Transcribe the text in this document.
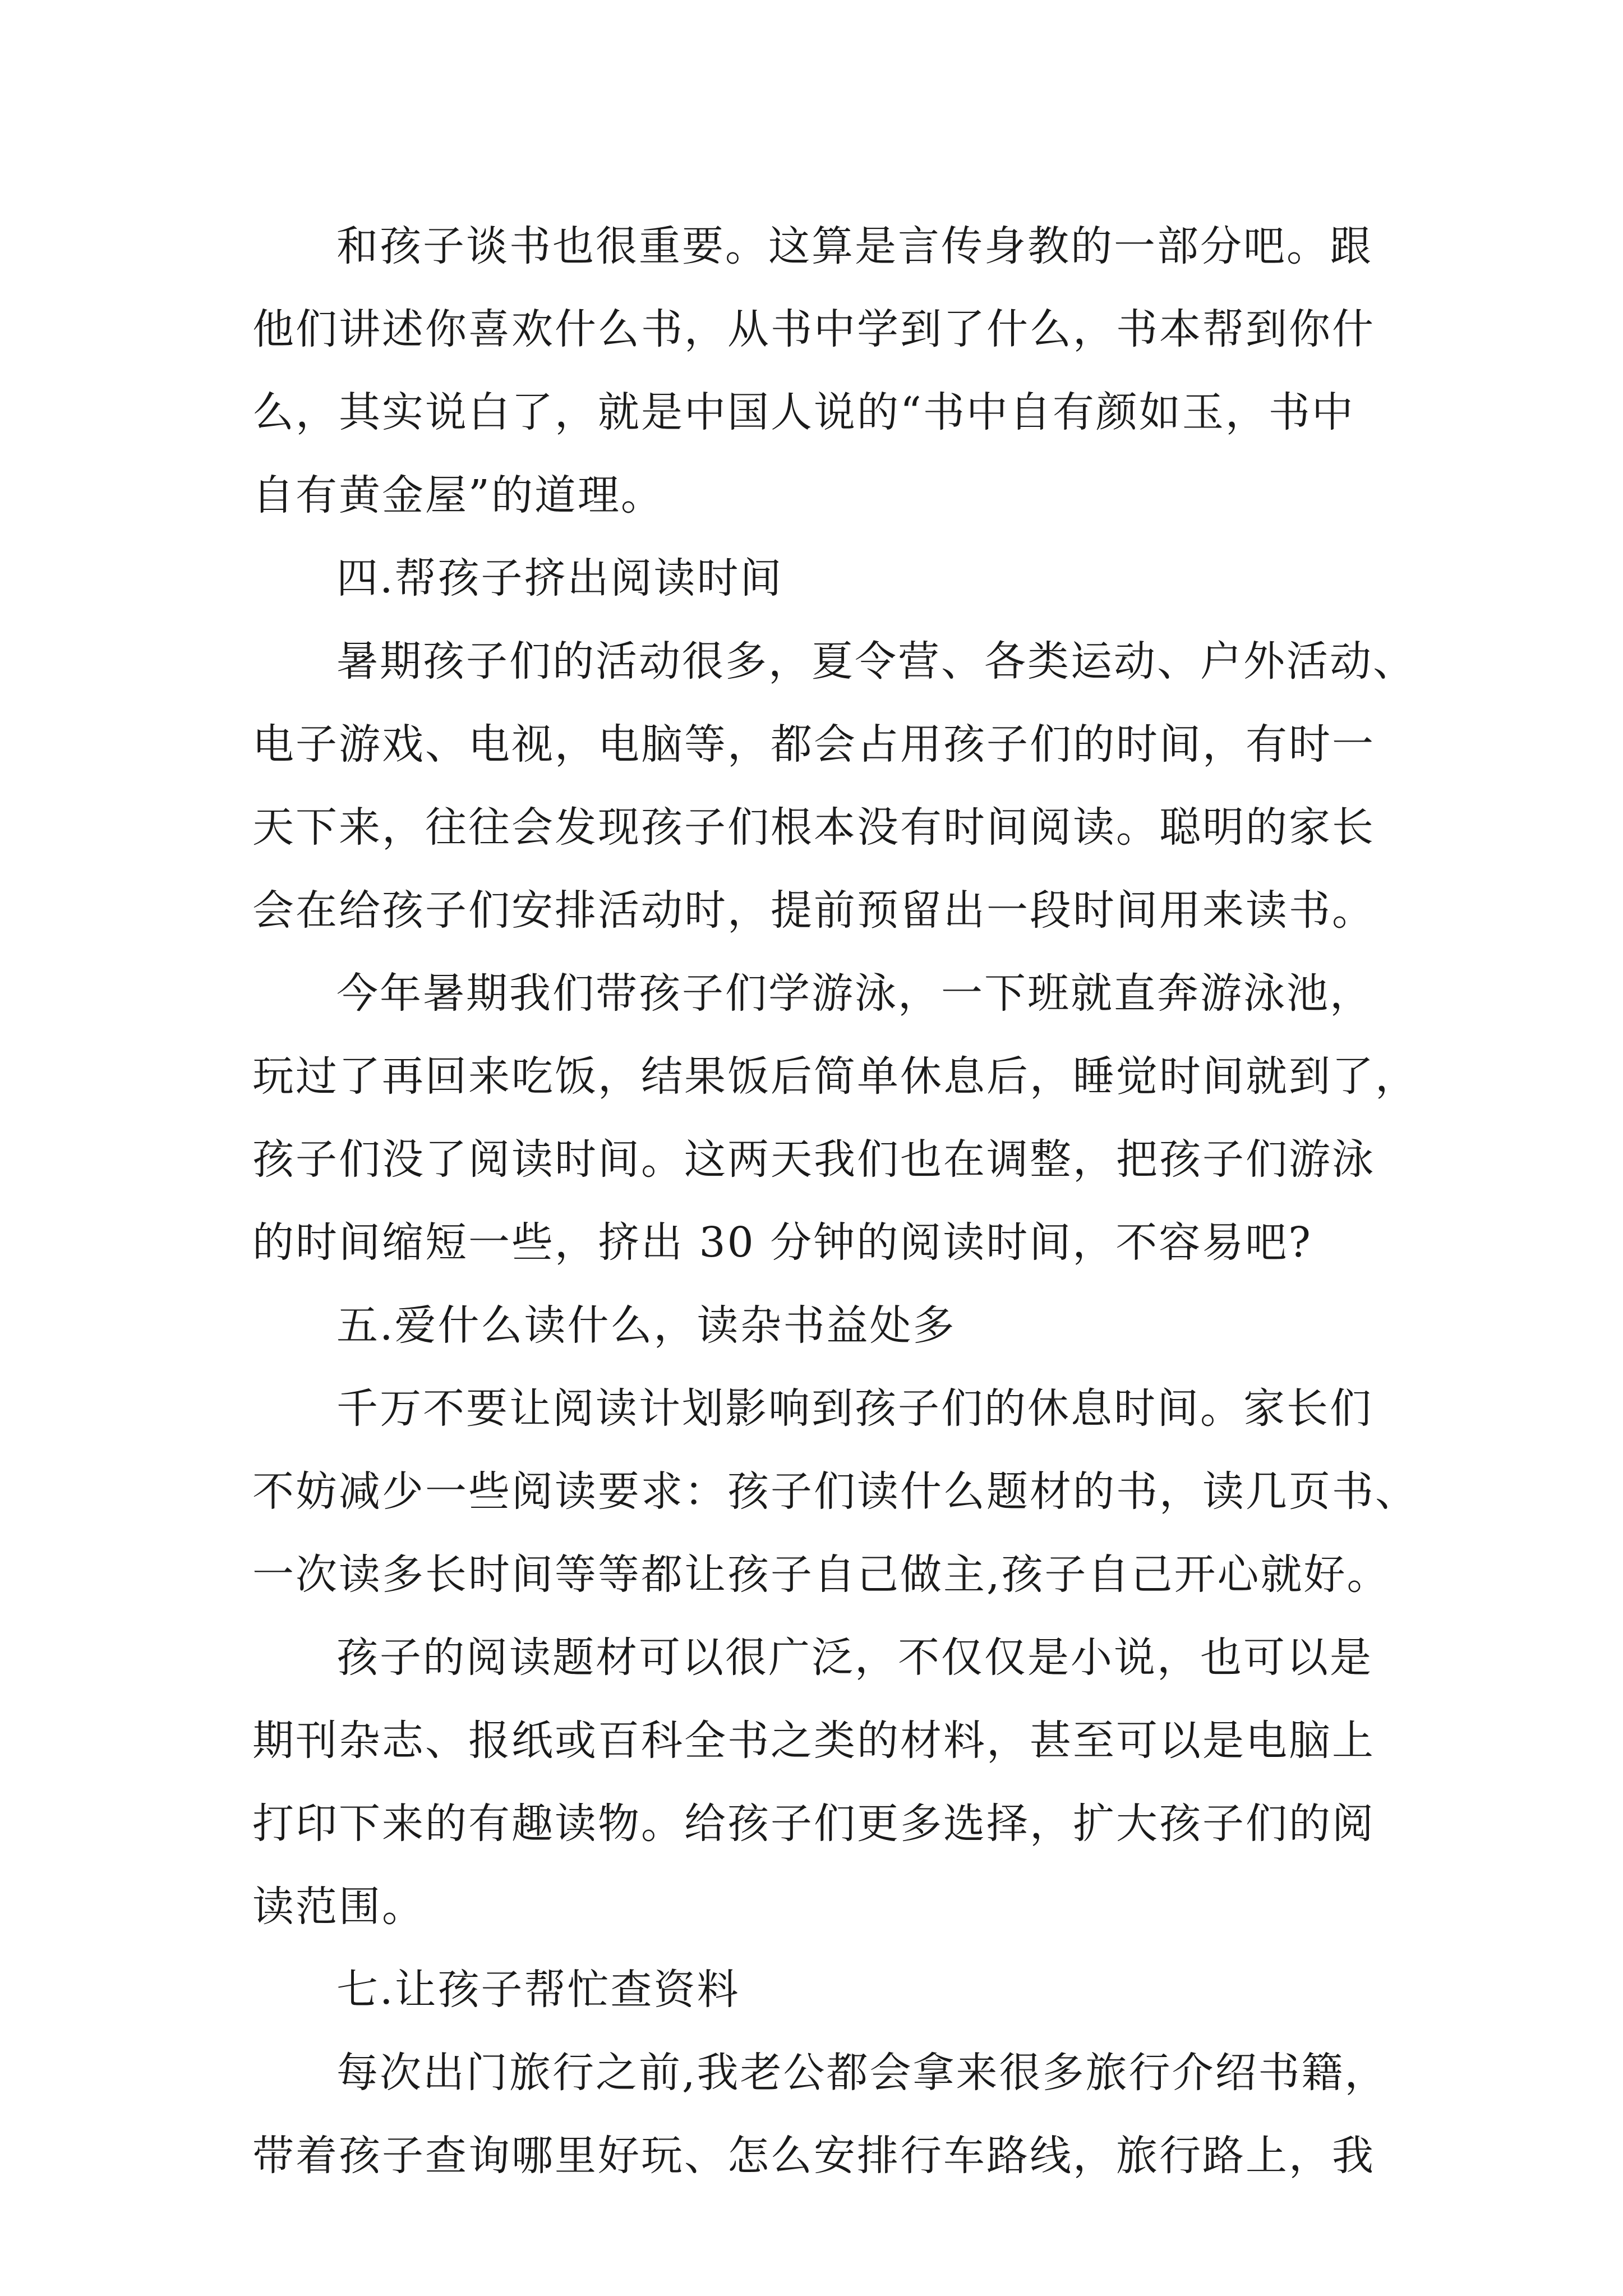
和孩子谈书也很重要。这算是言传身教的一部分吧。跟
他们讲述你喜欢什么书，从书中学到了什么，书本帮到你什
么，其实说白了，就是中国人说的“书中自有颜如玉，书中
自有黄金屋”的道理。
四.帮孩子挤出阅读时间
暑期孩子们的活动很多，夏令营、各类运动、户外活动、
电子游戏、电视，电脑等，都会占用孩子们的时间，有时一
天下来，往往会发现孩子们根本没有时间阅读。聪明的家长
会在给孩子们安排活动时，提前预留出一段时间用来读书。
今年暑期我们带孩子们学游泳，一下班就直奔游泳池，
玩过了再回来吃饭，结果饭后简单休息后，睡觉时间就到了，
孩子们没了阅读时间。这两天我们也在调整，把孩子们游泳
的时间缩短一些，挤出 30 分钟的阅读时间，不容易吧?
五.爱什么读什么，读杂书益处多
千万不要让阅读计划影响到孩子们的休息时间。家长们
不妨减少一些阅读要求：孩子们读什么题材的书，读几页书、
一次读多长时间等等都让孩子自己做主,孩子自己开心就好。
孩子的阅读题材可以很广泛，不仅仅是小说，也可以是
期刊杂志、报纸或百科全书之类的材料，甚至可以是电脑上
打印下来的有趣读物。给孩子们更多选择，扩大孩子们的阅
读范围。
七.让孩子帮忙查资料
每次出门旅行之前,我老公都会拿来很多旅行介绍书籍，
带着孩子查询哪里好玩、怎么安排行车路线，旅行路上，我
